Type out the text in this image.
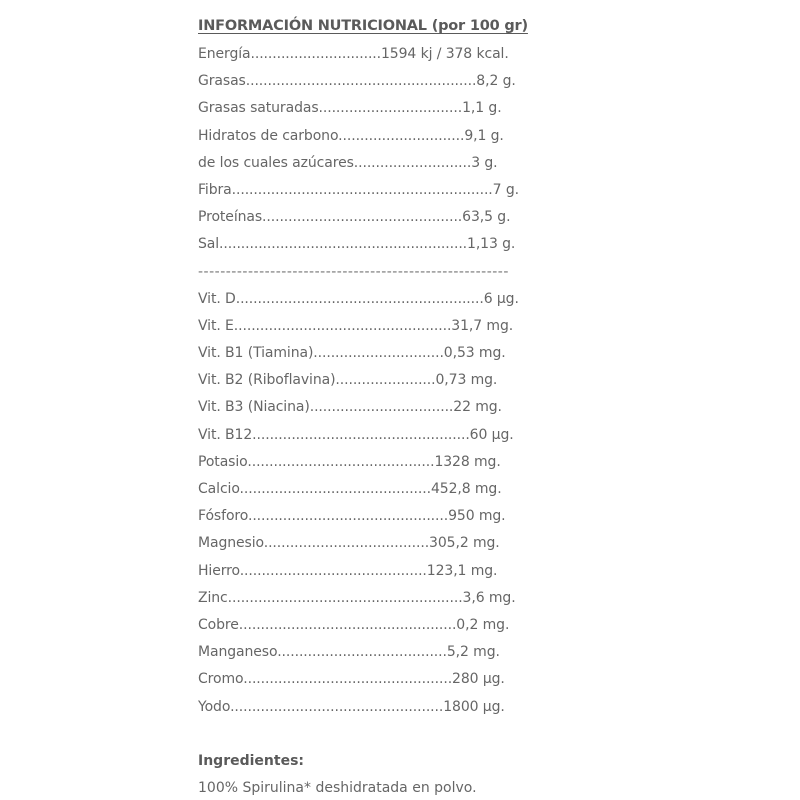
INFORMACIÓN NUTRICIONAL (por 100 gr)
Energía..............................1594 kj / 378 kcal.
Grasas.....................................................8,2 g.
Grasas saturadas.................................1,1 g.
Hidratos de carbono.............................9,1 g.
de los cuales azúcares...........................3 g.
Fibra............................................................7 g.
Proteínas..............................................63,5 g.
Sal.........................................................1,13 g.
--------------------------------------------------------
Vit. D.........................................................6 µg.
Vit. E..................................................31,7 mg.
Vit. B1 (Tiamina)..............................0,53 mg.
Vit. B2 (Riboflavina).......................0,73 mg.
Vit. B3 (Niacina).................................22 mg.
Vit. B12..................................................60 µg.
Potasio...........................................1328 mg.
Calcio............................................452,8 mg.
Fósforo..............................................950 mg.
Magnesio......................................305,2 mg.
Hierro...........................................123,1 mg.
Zinc......................................................3,6 mg.
Cobre..................................................0,2 mg.
Manganeso.......................................5,2 mg.
Cromo................................................280 µg.
Yodo.................................................1800 µg.
Ingredientes:
100% Spirulina* deshidratada en polvo.
